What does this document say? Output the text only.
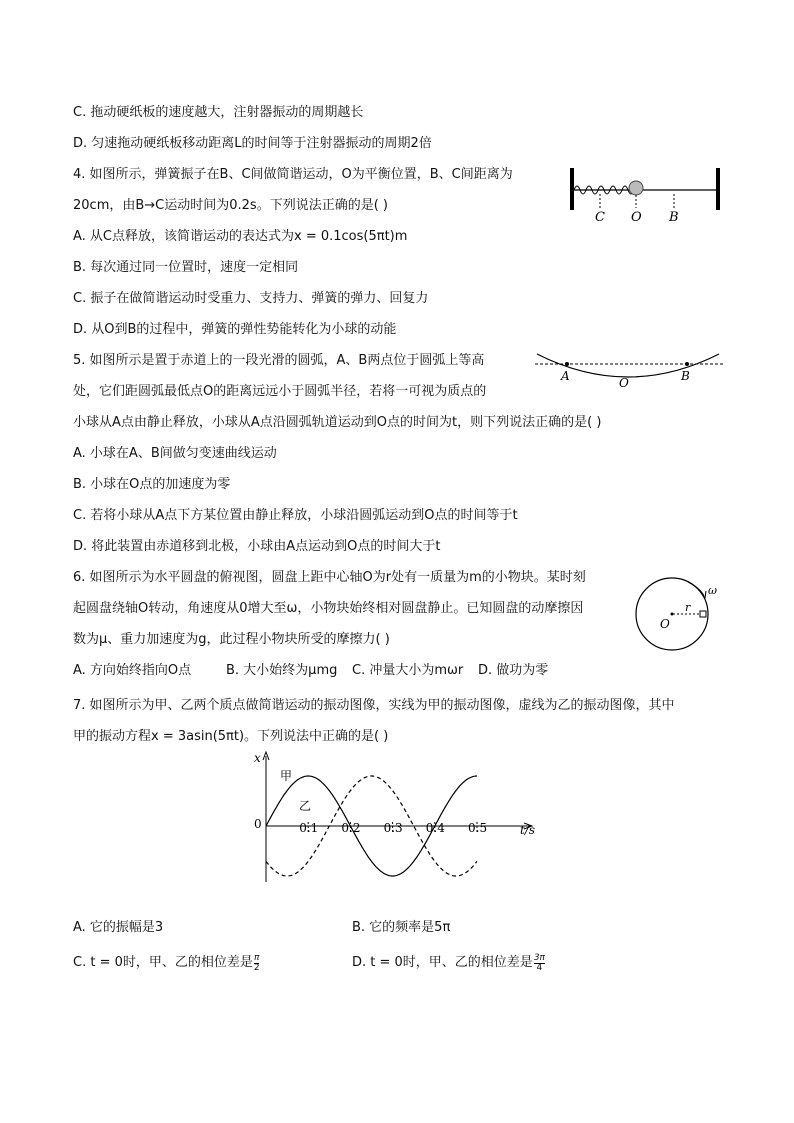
C. 拖动硬纸板的速度越大，注射器振动的周期越长
D. 匀速拖动硬纸板移动距离L的时间等于注射器振动的周期2倍
4. 如图所示，弹簧振子在B、C间做简谐运动，O为平衡位置，B、C间距离为
20cm，由B→C运动时间为0.2s。下列说法正确的是( )
A. 从C点释放，该简谐运动的表达式为x = 0.1cos(5πt)m
B. 每次通过同一位置时，速度一定相同
C. 振子在做简谐运动时受重力、支持力、弹簧的弹力、回复力
D. 从O到B的过程中，弹簧的弹性势能转化为小球的动能
C O B
5. 如图所示是置于赤道上的一段光滑的圆弧，A、B两点位于圆弧上等高
处，它们距圆弧最低点O的距离远远小于圆弧半径，若将一可视为质点的
小球从A点由静止释放，小球从A点沿圆弧轨道运动到O点的时间为t，则下列说法正确的是( )
A. 小球在A、B间做匀变速曲线运动
B. 小球在O点的加速度为零
C. 若将小球从A点下方某位置由静止释放，小球沿圆弧运动到O点的时间等于t
D. 将此装置由赤道移到北极，小球由A点运动到O点的时间大于t
A	O	B
6. 如图所示为水平圆盘的俯视图，圆盘上距中心轴O为r处有一质量为m的小物块。某时刻
起圆盘绕轴O转动，角速度从0增大至ω，小物块始终相对圆盘静止。已知圆盘的动摩擦因
数为μ、重力加速度为g，此过程小物块所受的摩擦力( )
A. 方向始终指向O点	B. 大小始终为μmg C. 冲量大小为mωr D. 做功为零
ω
r
O
7. 如图所示为甲、乙两个质点做简谐运动的振动图像，实线为甲的振动图像，虚线为乙的振动图像，其中
甲的振动方程x = 3asin(5πt)。下列说法中正确的是( )
x
t/s
0
甲
乙
0.1 0.2 0.3 0.4 0.5
A. 它的振幅是3	B. 它的频率是5π
C. t = 0时，甲、乙的相位差是 $\frac{\pi}{2}$	D. t = 0时，甲、乙的相位差是 $\frac{3\pi}{4}$
